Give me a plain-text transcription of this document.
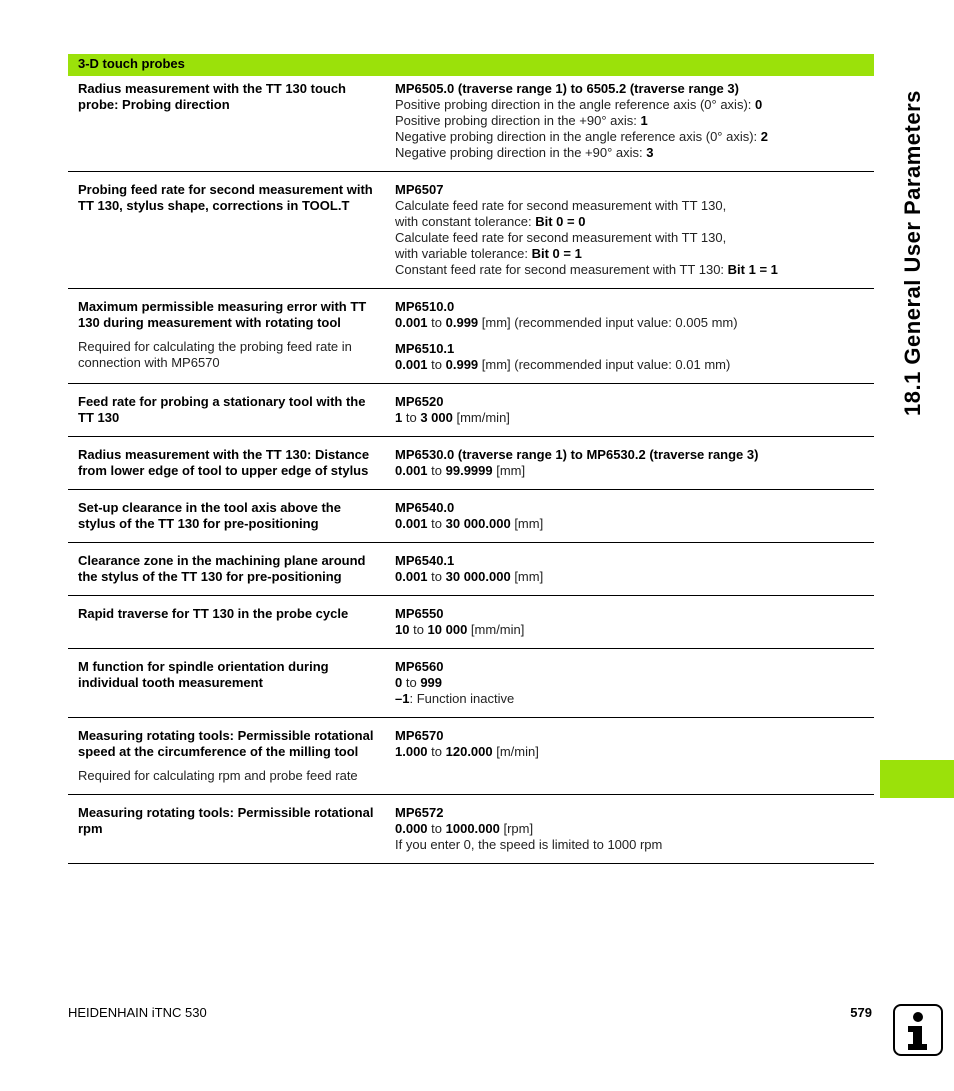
3-D touch probes
Radius measurement with the TT 130 touch probe: Probing direction
MP6505.0 (traverse range 1) to 6505.2 (traverse range 3)
Positive probing direction in the angle reference axis (0° axis): 0
Positive probing direction in the +90° axis: 1
Negative probing direction in the angle reference axis (0° axis): 2
Negative probing direction in the +90° axis: 3
Probing feed rate for second measurement with TT 130, stylus shape, corrections in TOOL.T
MP6507
Calculate feed rate for second measurement with TT 130,
with constant tolerance: Bit 0 = 0
Calculate feed rate for second measurement with TT 130,
with variable tolerance: Bit 0 = 1
Constant feed rate for second measurement with TT 130: Bit 1 = 1
Maximum permissible measuring error with TT 130 during measurement with rotating tool
Required for calculating the probing feed rate in connection with MP6570
MP6510.0
0.001 to 0.999 [mm] (recommended input value: 0.005 mm)
MP6510.1
0.001 to 0.999 [mm] (recommended input value: 0.01 mm)
Feed rate for probing a stationary tool with the TT 130
MP6520
1 to 3 000 [mm/min]
Radius measurement with the TT 130: Distance from lower edge of tool to upper edge of stylus
MP6530.0 (traverse range 1) to MP6530.2 (traverse range 3)
0.001 to 99.9999 [mm]
Set-up clearance in the tool axis above the stylus of the TT 130 for pre-positioning
MP6540.0
0.001 to 30 000.000 [mm]
Clearance zone in the machining plane around the stylus of the TT 130 for pre-positioning
MP6540.1
0.001 to 30 000.000 [mm]
Rapid traverse for TT 130 in the probe cycle	MP6550
10 to 10 000 [mm/min]
M function for spindle orientation during individual tooth measurement
MP6560
0 to 999
–1: Function inactive
Measuring rotating tools: Permissible rotational speed at the circumference of the milling tool
Required for calculating rpm and probe feed rate
MP6570
1.000 to 120.000 [m/min]
Measuring rotating tools: Permissible rotational rpm
MP6572
0.000 to 1000.000 [rpm]
If you enter 0, the speed is limited to 1000 rpm
18.1 General User Parameters
HEIDENHAIN iTNC 530	579
